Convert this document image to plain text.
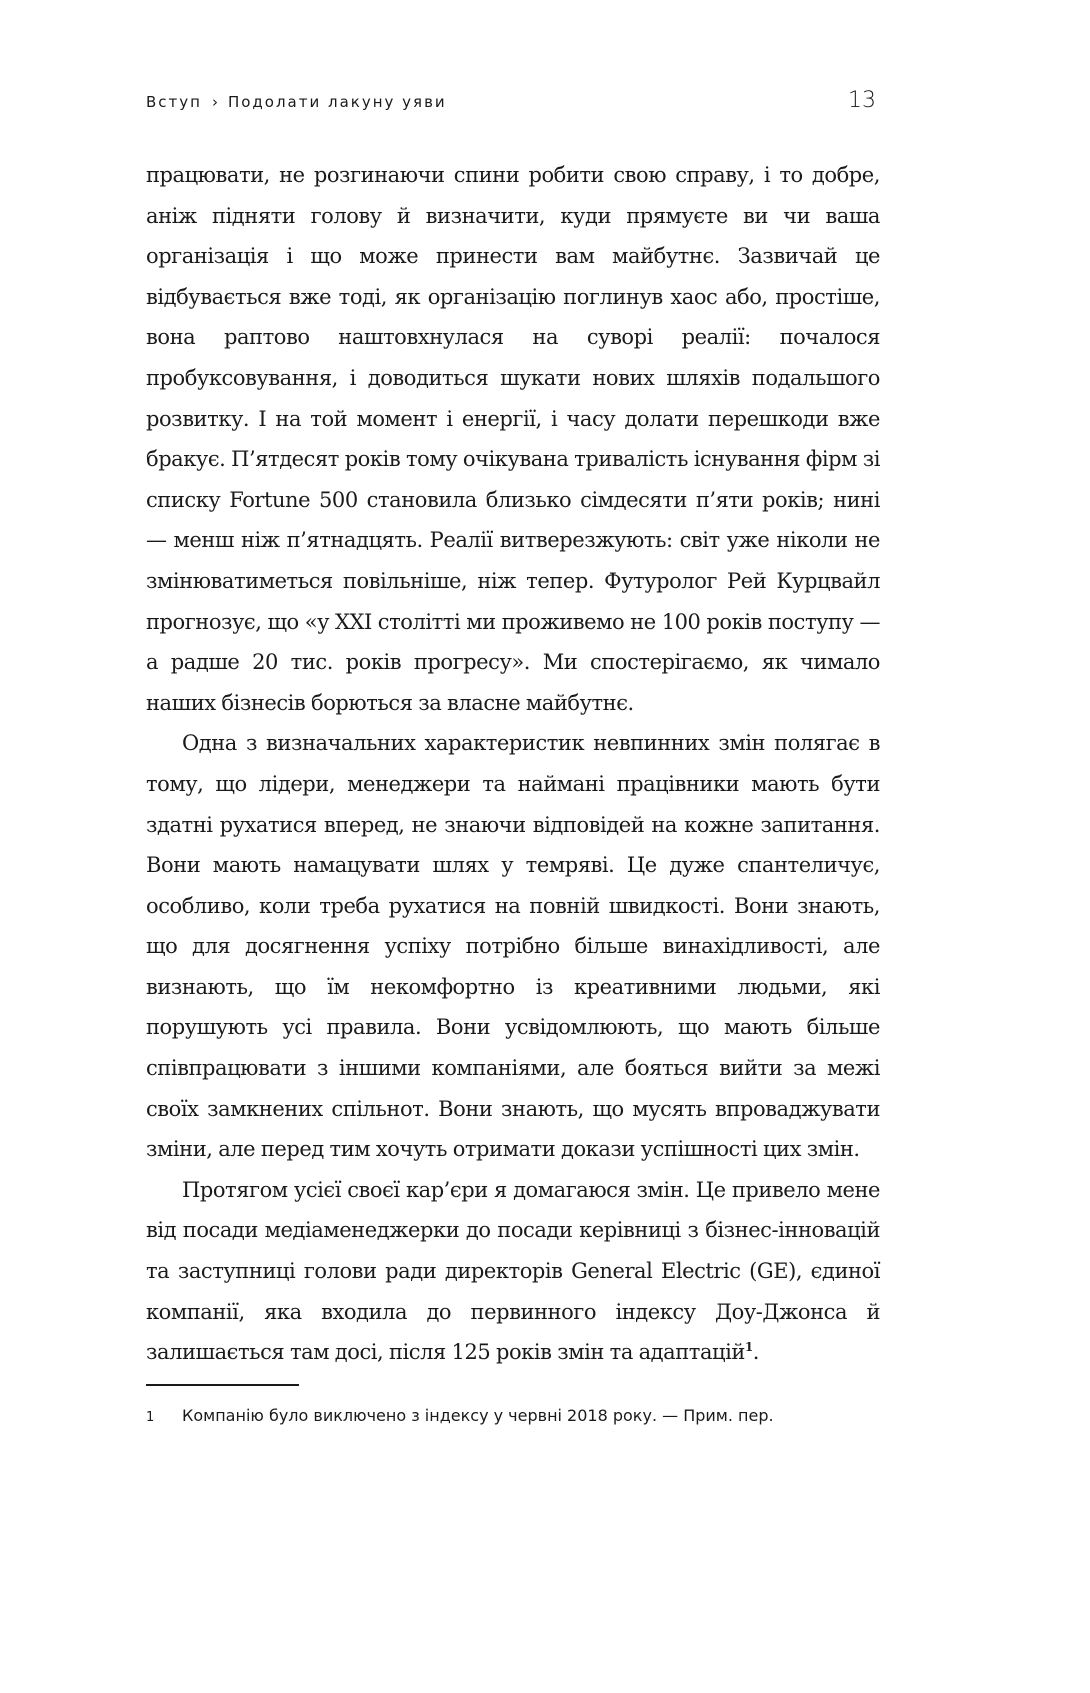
Вступ › Подолати лакуну уяви	13

працювати, не розгинаючи спини робити свою справу, і то добре, аніж підняти голову й визначити, куди прямуєте ви чи ваша організація і що може принести вам майбутнє. Зазвичай це відбувається вже тоді, як організацію поглинув хаос або, простіше, вона раптово наштовхнулася на суворі реалії: почалося пробуксовування, і доводиться шукати нових шляхів подальшого розвитку. І на той момент і енергії, і часу долати перешкоди вже бракує. П’ятдесят років тому очікувана тривалість існування фірм зі списку Fortune 500 становила близько сімдесяти п’яти років; нині — менш ніж п’ятнадцять. Реалії витверезжують: світ уже ніколи не змінюватиметься повільніше, ніж тепер. Футуролог Рей Курцвайл прогнозує, що «у XXI столітті ми проживемо не 100 років поступу — а радше 20 тис. років прогресу». Ми спостерігаємо, як чимало наших бізнесів борються за власне майбутнє.

Одна з визначальних характеристик невпинних змін полягає в тому, що лідери, менеджери та наймані працівники мають бути здатні рухатися вперед, не знаючи відповідей на кожне запитання. Вони мають намацувати шлях у темряві. Це дуже спантеличує, особливо, коли треба рухатися на повній швидкості. Вони знають, що для досягнення успіху потрібно більше винахідливості, але визнають, що їм некомфортно із креативними людьми, які порушують усі правила. Вони усвідомлюють, що мають більше співпрацювати з іншими компаніями, але бояться вийти за межі своїх замкнених спільнот. Вони знають, що мусять впроваджувати зміни, але перед тим хочуть отримати докази успішності цих змін.

Протягом усієї своєї кар’єри я домагаюся змін. Це привело мене від посади медіаменеджерки до посади керівниці з бізнес-інновацій та заступниці голови ради директорів General Electric (GE), єдиної компанії, яка входила до первинного індексу Доу-Джонса й залишається там досі, після 125 років змін та адаптацій$^1$.

1 Компанію було виключено з індексу у червні 2018 року. — Прим. пер.
